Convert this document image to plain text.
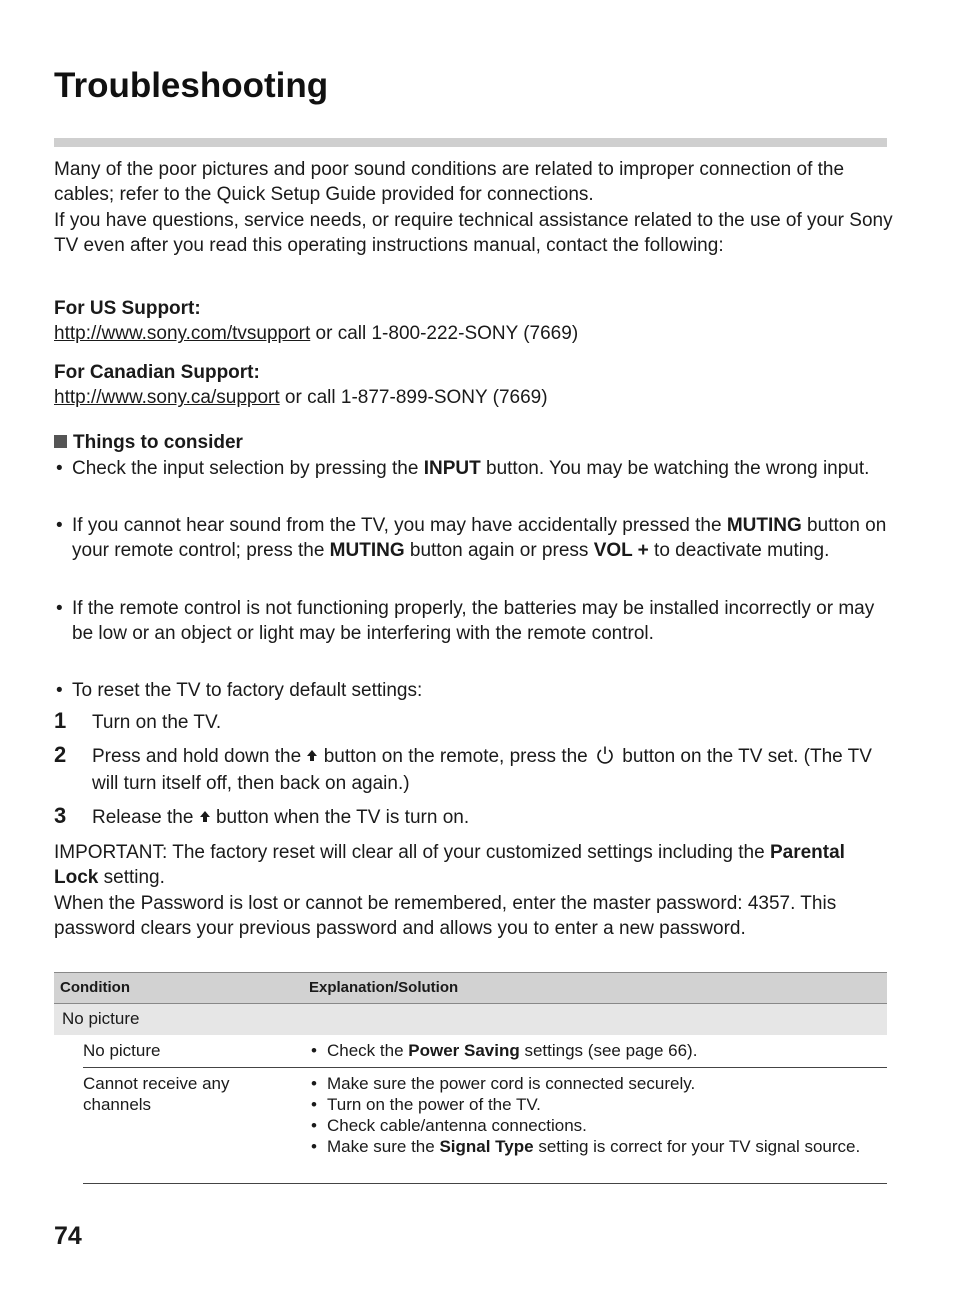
Troubleshooting

Many of the poor pictures and poor sound conditions are related to improper connection of the cables; refer to the Quick Setup Guide provided for connections.

If you have questions, service needs, or require technical assistance related to the use of your Sony TV even after you read this operating instructions manual, contact the following:

For US Support:

http://www.sony.com/tvsupport or call 1-800-222-SONY (7669)

For Canadian Support:

http://www.sony.ca/support or call 1-877-899-SONY (7669)

Things to consider
• Check the input selection by pressing the INPUT button. You may be watching the wrong input.
• If you cannot hear sound from the TV, you may have accidentally pressed the MUTING button on your remote control; press the MUTING button again or press VOL + to deactivate muting.
• If the remote control is not functioning properly, the batteries may be installed incorrectly or may be low or an object or light may be interfering with the remote control.
• To reset the TV to factory default settings:
1 Turn on the TV.
2 Press and hold down the
button on the remote, press the  button on the TV set. (The TV will turn itself off, then back on again.)
3 Release the
button when the TV is turn on.

IMPORTANT: The factory reset will clear all of your customized settings including the Parental Lock setting.

When the Password is lost or cannot be remembered, enter the master password: 4357. This password clears your previous password and allows you to enter a new password.

Condition	Explanation/Solution
No picture
No picture	• Check the Power Saving settings (see page 66).
Cannot receive any channels
• Make sure the power cord is connected securely.
• Turn on the power of the TV.
• Check cable/antenna connections.
• Make sure the Signal Type setting is correct for your TV signal source.
74
